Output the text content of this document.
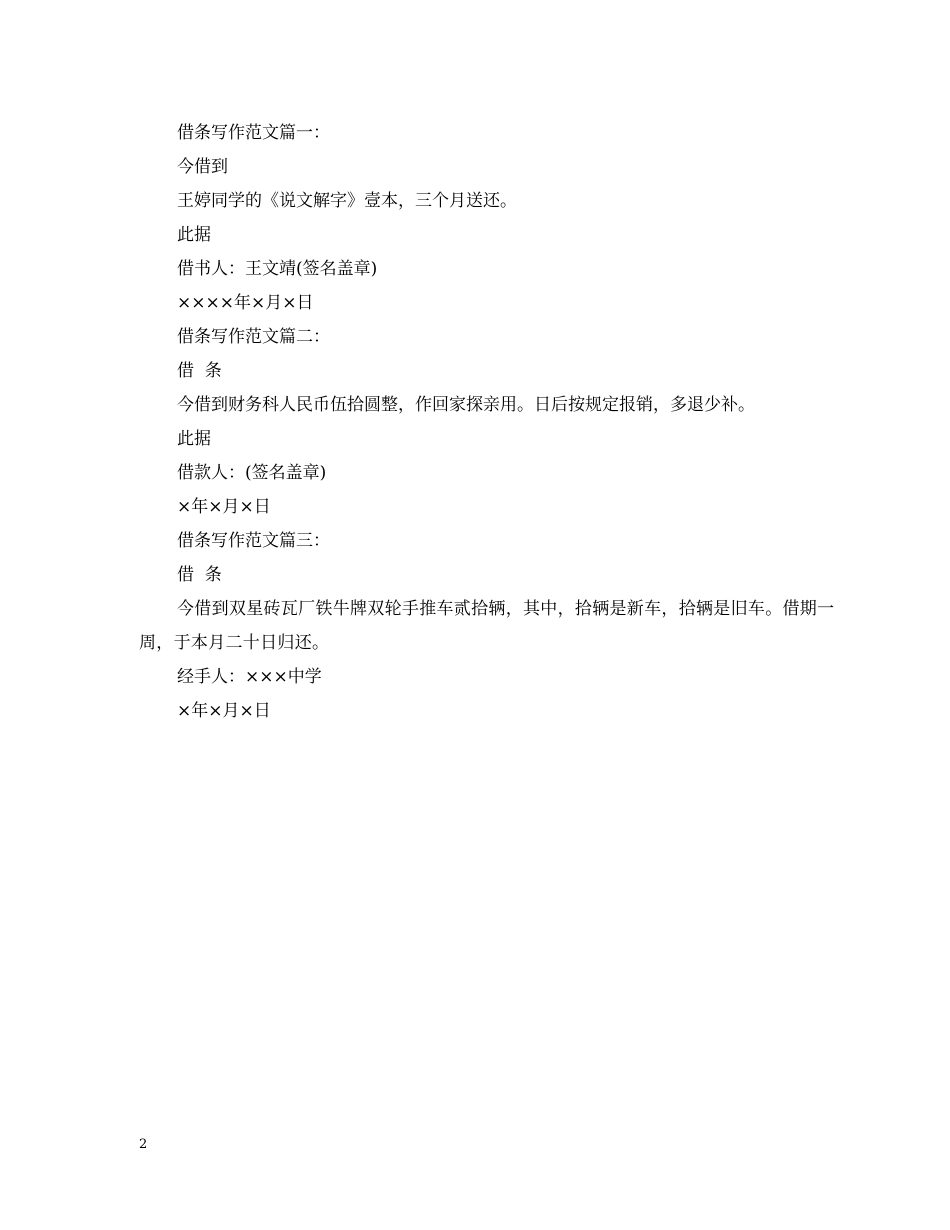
借条写作范文篇一：

今借到

王婷同学的《说文解字》壹本，三个月送还。

此据

借书人：王文靖(签名盖章)

××××年×月×日

借条写作范文篇二：

借  条

今借到财务科人民币伍拾圆整，作回家探亲用。日后按规定报销，多退少补。

此据

借款人：(签名盖章)

×年×月×日

借条写作范文篇三：

借  条

今借到双星砖瓦厂铁牛牌双轮手推车贰拾辆，其中，拾辆是新车，拾辆是旧车。借期一周，于本月二十日归还。

经手人：×××中学

×年×月×日

2
